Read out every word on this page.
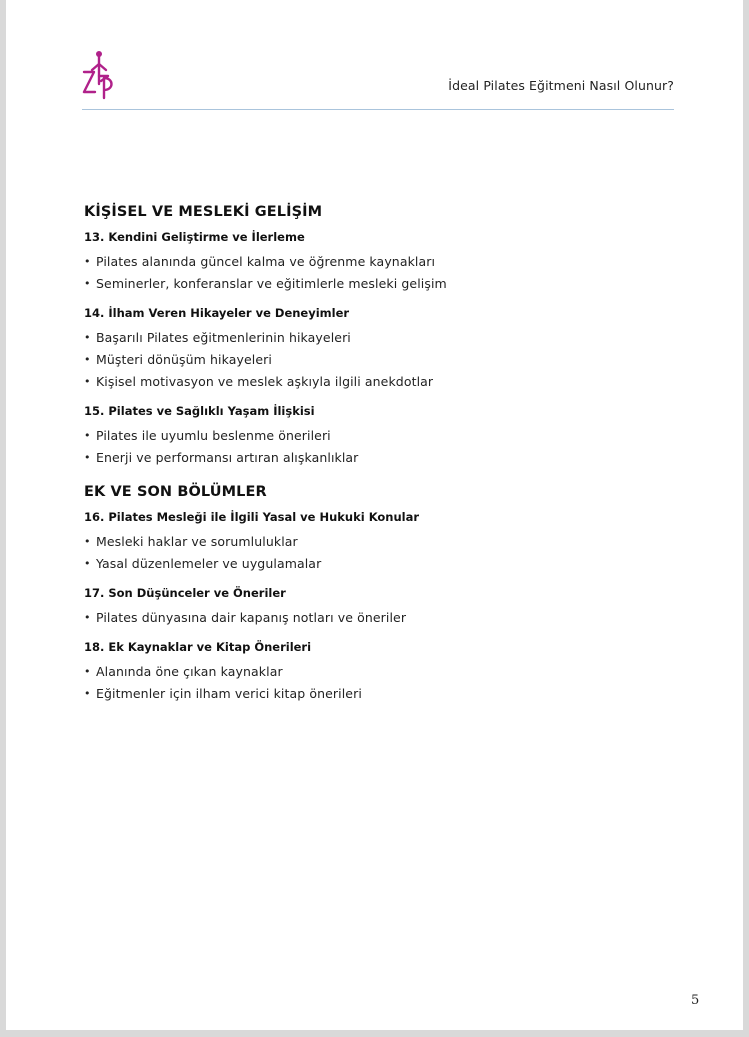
İdeal Pilates Eğitmeni Nasıl Olunur?
KİŞİSEL VE MESLEKİ GELİŞİM
13. Kendini Geliştirme ve İlerleme
• Pilates alanında güncel kalma ve öğrenme kaynakları
• Seminerler, konferanslar ve eğitimlerle mesleki gelişim
14. İlham Veren Hikayeler ve Deneyimler
• Başarılı Pilates eğitmenlerinin hikayeleri
• Müşteri dönüşüm hikayeleri
• Kişisel motivasyon ve meslek aşkıyla ilgili anekdotlar
15. Pilates ve Sağlıklı Yaşam İlişkisi
• Pilates ile uyumlu beslenme önerileri
• Enerji ve performansı artıran alışkanlıklar
EK VE SON BÖLÜMLER
16. Pilates Mesleği ile İlgili Yasal ve Hukuki Konular
• Mesleki haklar ve sorumluluklar
• Yasal düzenlemeler ve uygulamalar
17. Son Düşünceler ve Öneriler
• Pilates dünyasına dair kapanış notları ve öneriler
18. Ek Kaynaklar ve Kitap Önerileri
• Alanında öne çıkan kaynaklar
• Eğitmenler için ilham verici kitap önerileri
5
